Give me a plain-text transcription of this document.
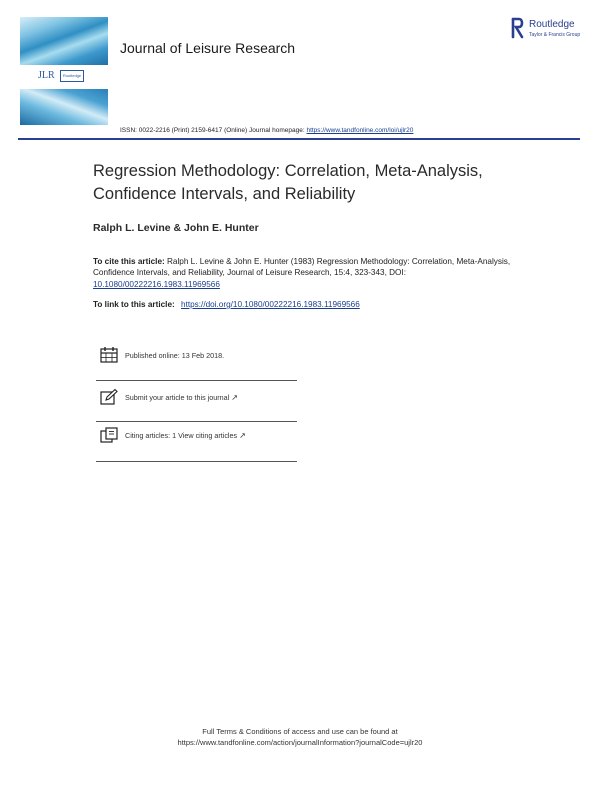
JLR	Routledge
Journal of Leisure Research
Routledge
Taylor & Francis Group
ISSN: 0022-2216 (Print) 2159-6417 (Online) Journal homepage: https://www.tandfonline.com/loi/ujlr20
Regression Methodology: Correlation, Meta-Analysis, Confidence Intervals, and Reliability
Ralph L. Levine & John E. Hunter
To cite this article: Ralph L. Levine & John E. Hunter (1983) Regression Methodology: Correlation, Meta-Analysis, Confidence Intervals, and Reliability, Journal of Leisure Research, 15:4, 323-343, DOI: 10.1080/00222216.1983.11969566
To link to this article: https://doi.org/10.1080/00222216.1983.11969566
Published online: 13 Feb 2018.
Submit your article to this journal ↗
Citing articles: 1 View citing articles ↗
Full Terms & Conditions of access and use can be found at
https://www.tandfonline.com/action/journalInformation?journalCode=ujlr20
